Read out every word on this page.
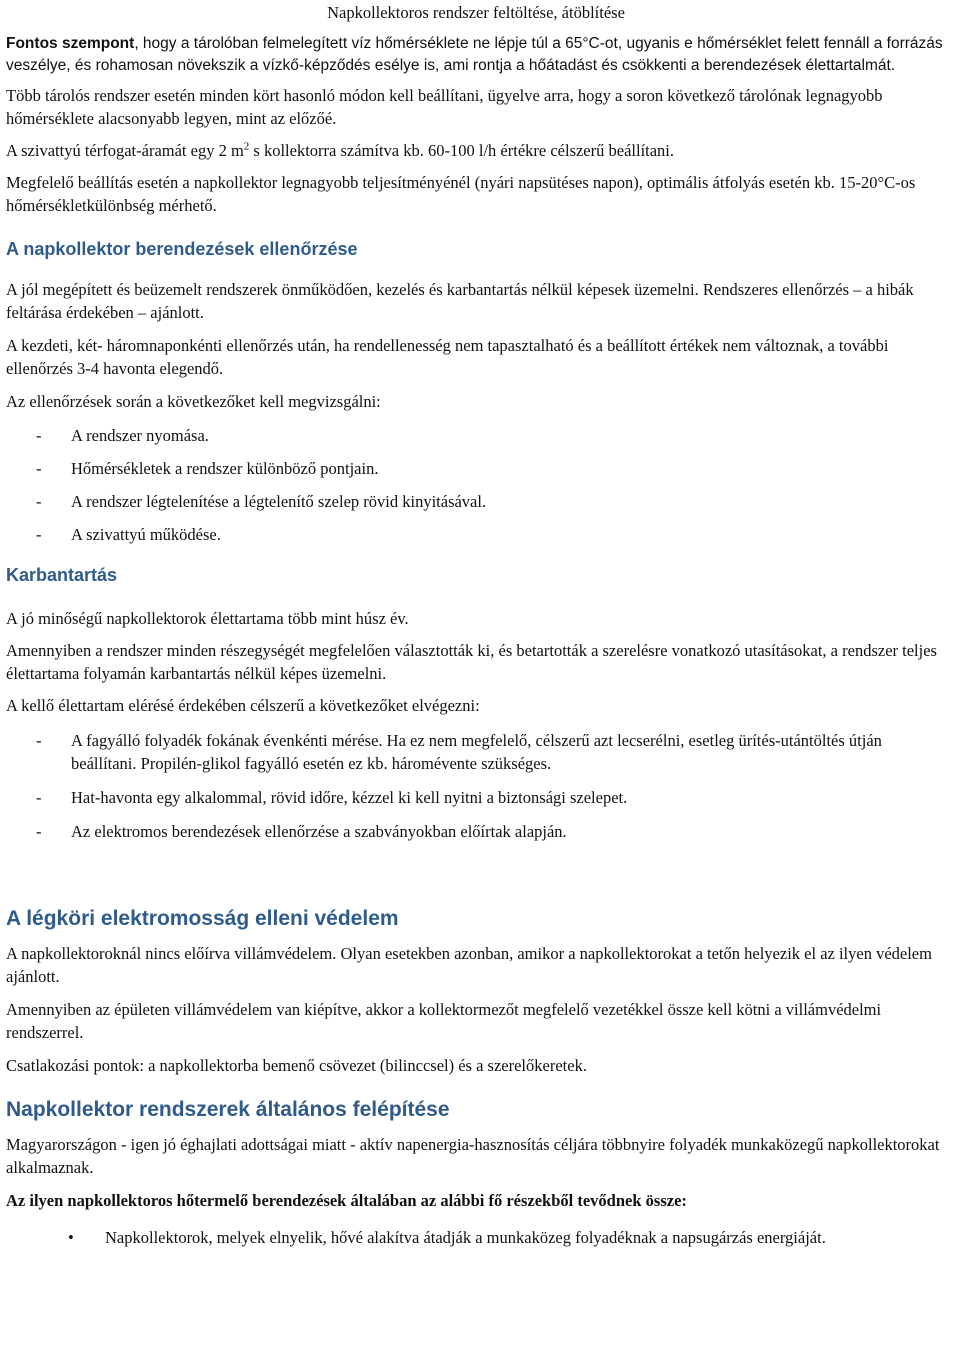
Napkollektoros rendszer feltöltése, átöblítése

Fontos szempont, hogy a tárolóban felmelegített víz hőmérséklete ne lépje túl a 65°C-ot, ugyanis e hőmérséklet felett fennáll a forrázás veszélye, és rohamosan növekszik a vízkő-képződés esélye is, ami rontja a hőátadást és csökkenti a berendezések élettartalmát.

Több tárolós rendszer esetén minden kört hasonló módon kell beállítani, ügyelve arra, hogy a soron következő tárolónak legnagyobb hőmérséklete alacsonyabb legyen, mint az előzőé.

A szivattyú térfogat-áramát egy 2 $m^2$ s kollektorra számítva kb. 60-100 l/h értékre célszerű beállítani.

Megfelelő beállítás esetén a napkollektor legnagyobb teljesítményénél (nyári napsütéses napon), optimális átfolyás esetén kb. 15-20°C-os hőmérsékletkülönbség mérhető.

A napkollektor berendezések ellenőrzése

A jól megépített és beüzemelt rendszerek önműködően, kezelés és karbantartás nélkül képesek üzemelni. Rendszeres ellenőrzés – a hibák feltárása érdekében – ajánlott.

A kezdeti, két- háromnaponkénti ellenőrzés után, ha rendellenesség nem tapasztalható és a beállított értékek nem változnak, a további ellenőrzés 3-4 havonta elegendő.

Az ellenőrzések során a következőket kell megvizsgálni:

- A rendszer nyomása.
- Hőmérsékletek a rendszer különböző pontjain.
- A rendszer légtelenítése a légtelenítő szelep rövid kinyitásával.
- A szivattyú működése.
Karbantartás

A jó minőségű napkollektorok élettartama több mint húsz év.

Amennyiben a rendszer minden részegységét megfelelően választották ki, és betartották a szerelésre vonatkozó utasításokat, a rendszer teljes élettartama folyamán karbantartás nélkül képes üzemelni.

A kellő élettartam elérésé érdekében célszerű a következőket elvégezni:

- A fagyálló folyadék fokának évenkénti mérése. Ha ez nem megfelelő, célszerű azt lecserélni, esetleg ürítés-utántöltés útján beállítani. Propilén-glikol fagyálló esetén ez kb. háromévente szükséges.
- Hat-havonta egy alkalommal, rövid időre, kézzel ki kell nyitni a biztonsági szelepet.
- Az elektromos berendezések ellenőrzése a szabványokban előírtak alapján.
A légköri elektromosság elleni védelem

A napkollektoroknál nincs előírva villámvédelem. Olyan esetekben azonban, amikor a napkollektorokat a tetőn helyezik el az ilyen védelem ajánlott.

Amennyiben az épületen villámvédelem van kiépítve, akkor a kollektormezőt megfelelő vezetékkel össze kell kötni a villámvédelmi rendszerrel.

Csatlakozási pontok: a napkollektorba bemenő csövezet (bilinccsel) és a szerelőkeretek.

Napkollektor rendszerek általános felépítése

Magyarországon - igen jó éghajlati adottságai miatt - aktív napenergia-hasznosítás céljára többnyire folyadék munkaközegű napkollektorokat alkalmaznak.

Az ilyen napkollektoros hőtermelő berendezések általában az alábbi fő részekből tevődnek össze:

• Napkollektorok, melyek elnyelik, hővé alakítva átadják a munkaközeg folyadéknak a napsugárzás energiáját.
